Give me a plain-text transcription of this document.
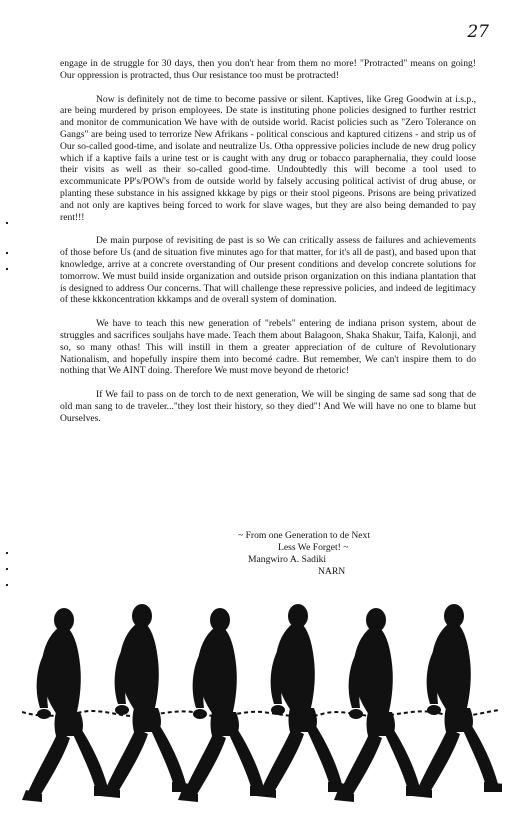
27

engage in de struggle for 30 days, then you don't hear from them no more! "Protracted" means on going! Our oppression is protracted, thus Our resistance too must be protracted!

Now is definitely not de time to become passive or silent. Kaptives, like Greg Goodwin at i.s.p., are being murdered by prison employees. De state is instituting phone policies designed to further restrict and monitor de communication We have with de outside world. Racist policies such as "Zero Tolerance on Gangs" are being used to terrorize New Afrikans - political conscious and kaptured citizens - and strip us of Our so-called good-time, and isolate and neutralize Us. Otha oppressive policies include de new drug policy which if a kaptive fails a urine test or is caught with any drug or tobacco paraphernalia, they could loose their visits as well as their so-called good-time. Undoubtedly this will become a tool used to excommunicate PP's/POW's from de outside world by falsely accusing political activist of drug abuse, or planting these substance in his assigned kkkage by pigs or their stool pigeons. Prisons are being privatized and not only are kaptives being forced to work for slave wages, but they are also being demanded to pay rent!!!

De main purpose of revisiting de past is so We can critically assess de failures and achievements of those before Us (and de situation five minutes ago for that matter, for it's all de past), and based upon that knowledge, arrive at a concrete overstanding of Our present conditions and develop concrete solutions for tomorrow. We must build inside organization and outside prison organization on this indiana plantation that is designed to address Our concerns. That will challenge these repressive policies, and indeed de legitimacy of these kkkoncentration kkkamps and de overall system of domination.

We have to teach this new generation of "rebels" entering de indiana prison system, about de struggles and sacrifices souljahs have made. Teach them about Balagoon, Shaka Shakur, Taifa, Kalonji, and so, so many othas! This will instill in them a greater appreciation of de culture of Revolutionary Nationalism, and hopefully inspire them into becomé cadre. But remember, We can't inspire them to do nothing that We AINT doing. Therefore We must move beyond de rhetoric!

If We fail to pass on de torch to de next generation, We will be singing de same sad song that de old man sang to de traveler..."they lost their history, so they died"! And We will have no one to blame but Ourselves.

~ From one Generation to de Next
Less We Forget! ~
Mangwiro A. Sadiki
NARN
